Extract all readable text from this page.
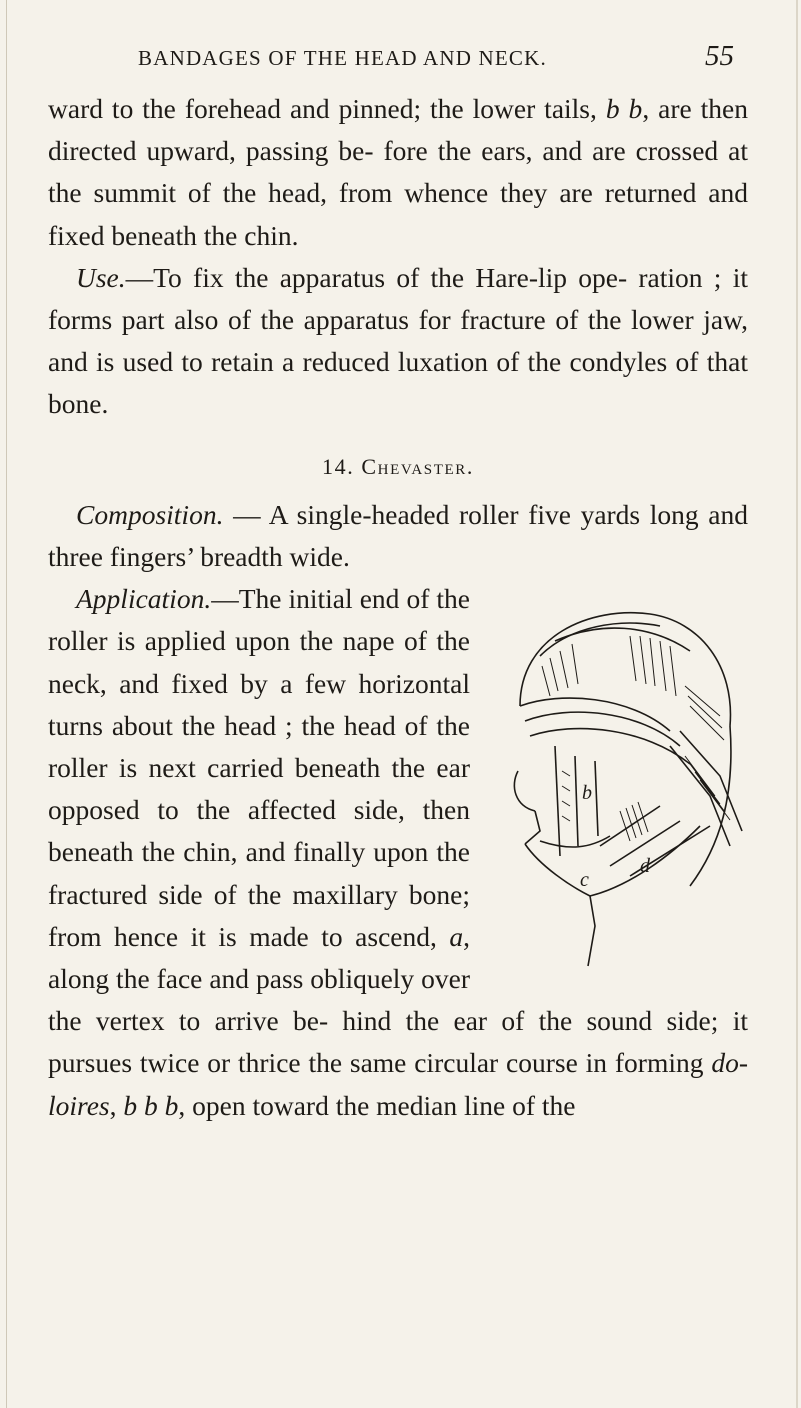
BANDAGES OF THE HEAD AND NECK.	55

ward to the forehead and pinned; the lower tails, b b, are then directed upward, passing be- fore the ears, and are crossed at the summit of the head, from whence they are returned and fixed beneath the chin.

Use.—To fix the apparatus of the Hare-lip ope- ration ; it forms part also of the apparatus for fracture of the lower jaw, and is used to retain a reduced luxation of the condyles of that bone.

14. Chevaster.

Composition. — A single-headed roller five yards long and three fingers’ breadth wide.

b
c
d

Application.—The initial end of the roller is applied upon the nape of the neck, and fixed by a few horizontal turns about the head ; the head of the roller is next carried beneath the ear opposed to the affected side, then beneath the chin, and finally upon the fractured side of the maxillary bone; from hence it is made to ascend, a, along the face and pass obliquely over the vertex to arrive be- hind the ear of the sound side; it pursues twice or thrice the same circular course in forming do- loires, b b b, open toward the median line of the
